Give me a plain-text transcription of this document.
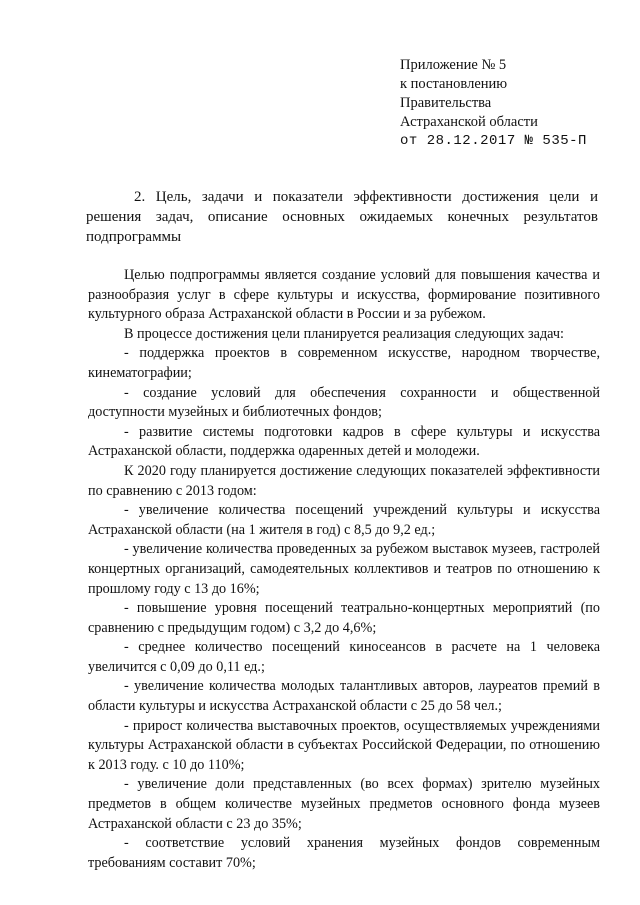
Приложение № 5
к постановлению
Правительства
Астраханской области
от 28.12.2017 № 535-П
2. Цель, задачи и показатели эффективности достижения цели и решения задач, описание основных ожидаемых конечных результатов подпрограммы

Целью подпрограммы является создание условий для повышения качества и разнообразия услуг в сфере культуры и искусства, формирование позитивного культурного образа Астраханской области в России и за рубежом.

В процессе достижения цели планируется реализация следующих задач:

- поддержка проектов в современном искусстве, народном творчестве, кинематографии;

- создание условий для обеспечения сохранности и общественной доступности музейных и библиотечных фондов;

- развитие системы подготовки кадров в сфере культуры и искусства Астраханской области, поддержка одаренных детей и молодежи.

К 2020 году планируется достижение следующих показателей эффективности по сравнению с 2013 годом:

- увеличение количества посещений учреждений культуры и искусства Астраханской области (на 1 жителя в год) с 8,5 до 9,2 ед.;

- увеличение количества проведенных за рубежом выставок музеев, гастролей концертных организаций, самодеятельных коллективов и театров по отношению к прошлому году с 13 до 16%;

- повышение уровня посещений театрально-концертных мероприятий (по сравнению с предыдущим годом) с 3,2 до 4,6%;

- среднее количество посещений киносеансов в расчете на 1 человека увеличится с 0,09 до 0,11 ед.;

- увеличение количества молодых талантливых авторов, лауреатов премий в области культуры и искусства Астраханской области с 25 до 58 чел.;

- прирост количества выставочных проектов, осуществляемых учреждениями культуры Астраханской области в субъектах Российской Федерации, по отношению к 2013 году. с 10 до 110%;

- увеличение доли представленных (во всех формах) зрителю музейных предметов в общем количестве музейных предметов основного фонда музеев Астраханской области с 23 до 35%;

- соответствие условий хранения музейных фондов современным требованиям составит 70%;
